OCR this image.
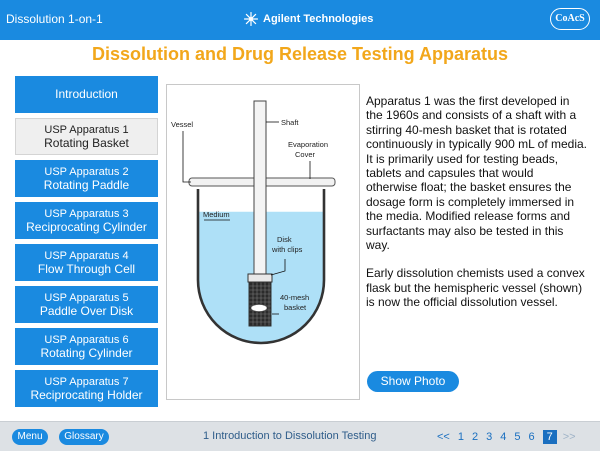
Dissolution 1-on-1	Agilent Technologies	CoAcS
Dissolution and Drug Release Testing Apparatus
Introduction
USP Apparatus 1
Rotating Basket
USP Apparatus 2
Rotating Paddle
USP Apparatus 3
Reciprocating Cylinder
USP Apparatus 4
Flow Through Cell
USP Apparatus 5
Paddle Over Disk
USP Apparatus 6
Rotating Cylinder
USP Apparatus 7
Reciprocating Holder
Vessel	Shaft
Evaporation
Cover
Medium
Disk
with clips
40-mesh
basket

Apparatus 1 was the first developed in the 1960s and consists of a shaft with a stirring 40-mesh basket that is rotated continuously in typically 900 mL of media. It is primarily used for testing beads, tablets and capsules that would otherwise float; the basket ensures the dosage form is completely immersed in the media. Modified release forms and surfactants may also be tested in this way.

Early dissolution chemists used a convex flask but the hemispheric vessel (shown) is now the official dissolution vessel.

Show Photo
Menu	Glossary	1 Introduction to Dissolution Testing	<< 1 2 3 4 5 6	7 >>
